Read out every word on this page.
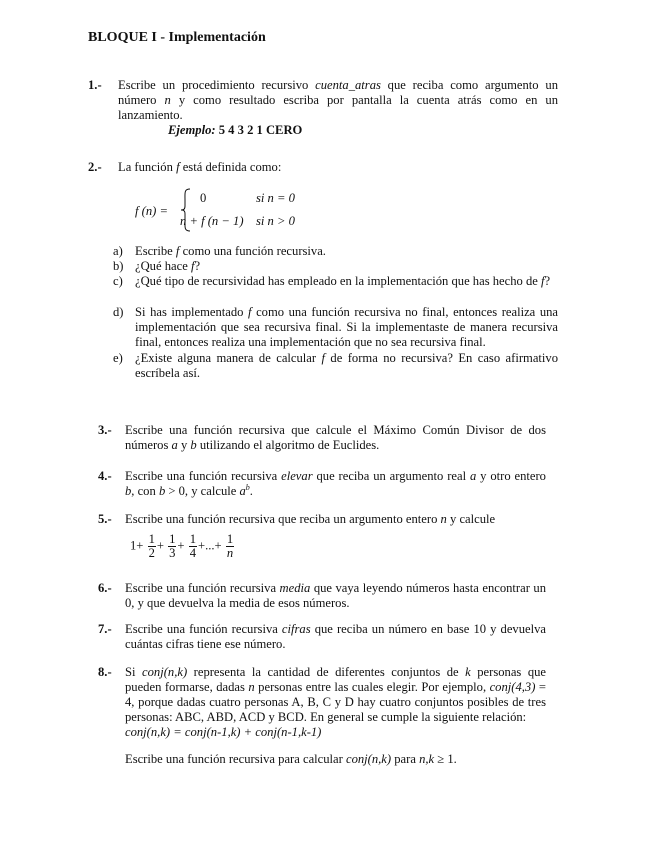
BLOQUE I - Implementación
1.- Escribe un procedimiento recursivo cuenta_atras que reciba como argumento un número n y como resultado escriba por pantalla la cuenta atrás como en un lanzamiento.
Ejemplo: 5 4 3 2 1 CERO
2.- La función f está definida como:
f (n) =
0	si n = 0
n + f (n − 1) si n > 0
a) Escribe f como una función recursiva.
b) ¿Qué hace f?
c) ¿Qué tipo de recursividad has empleado en la implementación que has hecho de f?
d) Si has implementado f como una función recursiva no final, entonces realiza una implementación que sea recursiva final. Si la implementaste de manera recursiva final, entonces realiza una implementación que no sea recursiva final.
e) ¿Existe alguna manera de calcular f de forma no recursiva? En caso afirmativo escríbela así.
3.- Escribe una función recursiva que calcule el Máximo Común Divisor de dos números a y b utilizando el algoritmo de Euclides.
4.- Escribe una función recursiva elevar que reciba un argumento real a y otro entero b, con b > 0, y calcule $a^b$.
5.- Escribe una función recursiva que reciba un argumento entero n y calcule
$1+ \frac{1}{2} + \frac{1}{3} + \frac{1}{4}$ +...+ $\frac{1}{n}$
6.- Escribe una función recursiva media que vaya leyendo números hasta encontrar un 0, y que devuelva la media de esos números.
7.- Escribe una función recursiva cifras que reciba un número en base 10 y devuelva cuántas cifras tiene ese número.
8.- Si conj(n,k) representa la cantidad de diferentes conjuntos de k personas que pueden formarse, dadas n personas entre las cuales elegir. Por ejemplo, conj(4,3) = 4, porque dadas cuatro personas A, B, C y D hay cuatro conjuntos posibles de tres personas: ABC, ABD, ACD y BCD. En general se cumple la siguiente relación:
conj(n,k) = conj(n-1,k) + conj(n-1,k-1)
Escribe una función recursiva para calcular conj(n,k) para n,k ≥ 1.
